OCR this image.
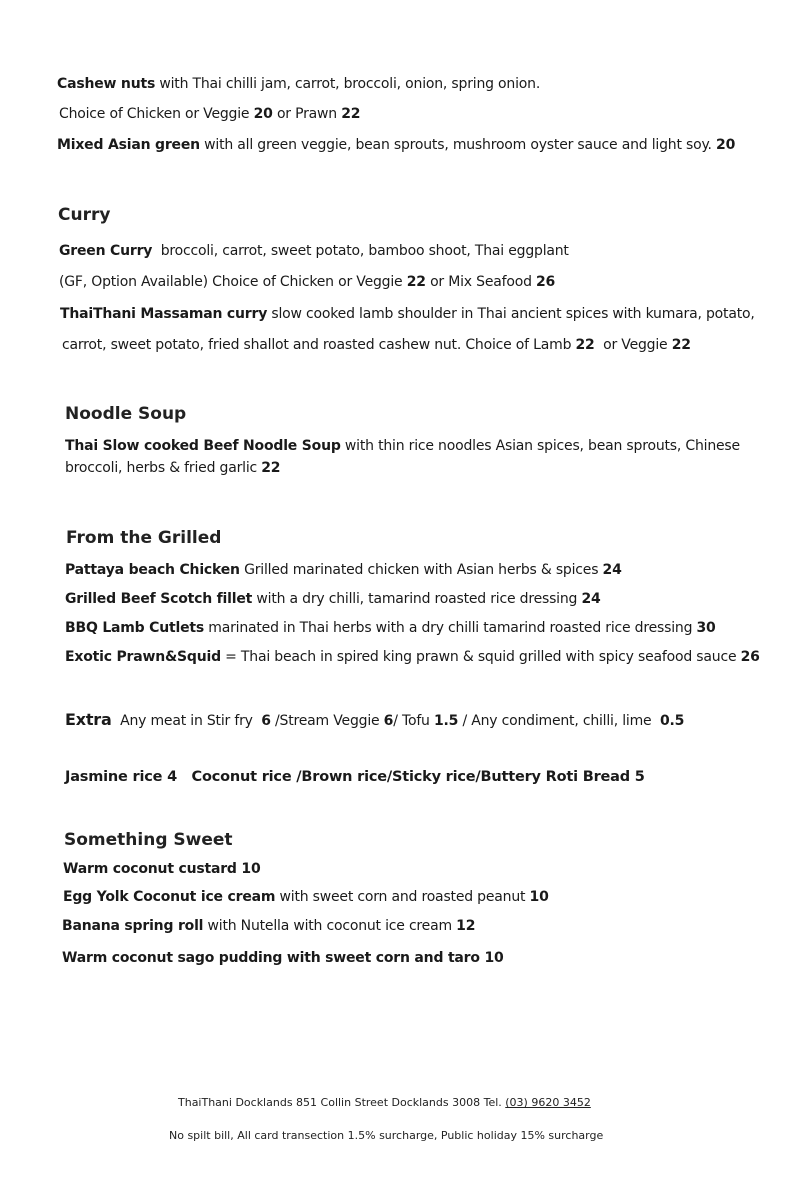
Cashew nuts with Thai chilli jam, carrot, broccoli, onion, spring onion.
Choice of Chicken or Veggie 20 or Prawn 22
Mixed Asian green with all green veggie, bean sprouts, mushroom oyster sauce and light soy. 20
Curry
Green Curry  broccoli, carrot, sweet potato, bamboo shoot, Thai eggplant
(GF, Option Available) Choice of Chicken or Veggie 22 or Mix Seafood 26
ThaiThani Massaman curry slow cooked lamb shoulder in Thai ancient spices with kumara, potato,
carrot, sweet potato, fried shallot and roasted cashew nut. Choice of Lamb 22  or Veggie 22
Noodle Soup
Thai Slow cooked Beef Noodle Soup with thin rice noodles Asian spices, bean sprouts, Chinese
broccoli, herbs & fried garlic 22
From the Grilled
Pattaya beach Chicken Grilled marinated chicken with Asian herbs & spices 24
Grilled Beef Scotch fillet with a dry chilli, tamarind roasted rice dressing 24
BBQ Lamb Cutlets marinated in Thai herbs with a dry chilli tamarind roasted rice dressing 30
Exotic Prawn&Squid = Thai beach in spired king prawn & squid grilled with spicy seafood sauce 26
Extra  Any meat in Stir fry  6 /Stream Veggie 6/ Tofu 1.5 / Any condiment, chilli, lime  0.5
Jasmine rice 4   Coconut rice /Brown rice/Sticky rice/Buttery Roti Bread 5
Something Sweet
Warm coconut custard 10
Egg Yolk Coconut ice cream with sweet corn and roasted peanut 10
Banana spring roll with Nutella with coconut ice cream 12
Warm coconut sago pudding with sweet corn and taro 10
ThaiThani Docklands 851 Collin Street Docklands 3008 Tel. (03) 9620 3452
No spilt bill, All card transection 1.5% surcharge, Public holiday 15% surcharge
